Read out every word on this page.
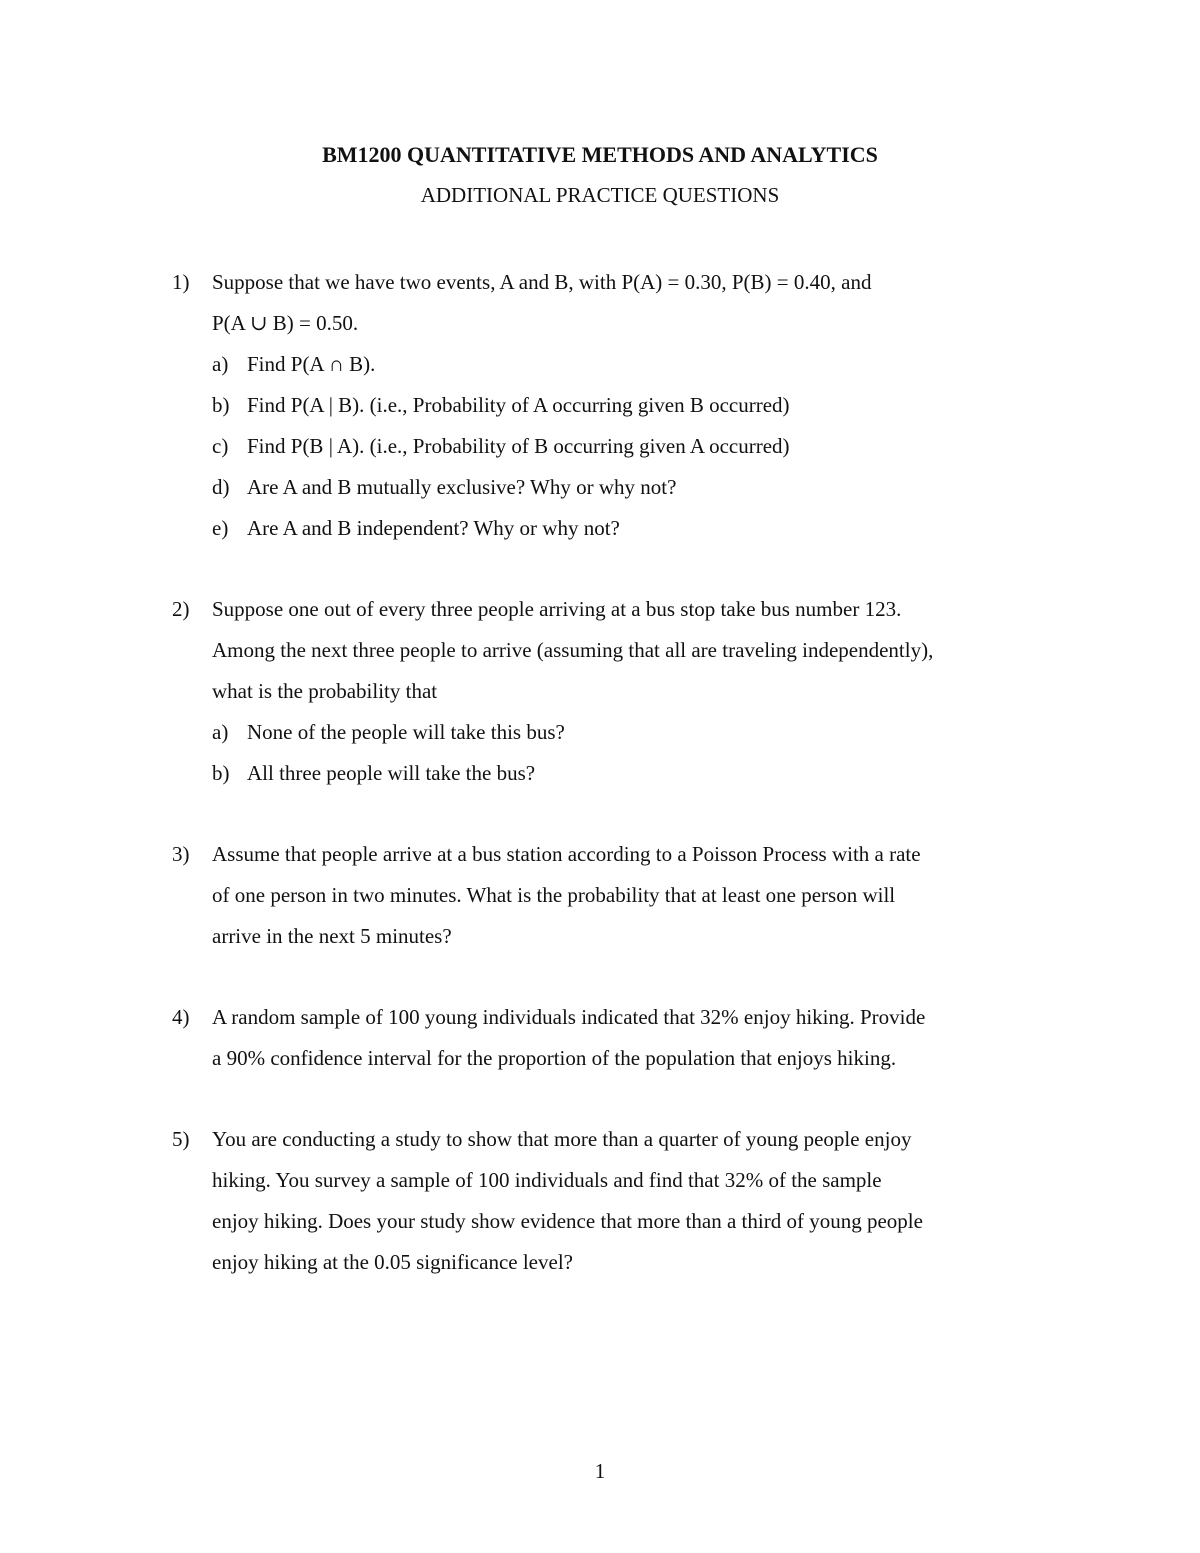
BM1200 QUANTITATIVE METHODS AND ANALYTICS
ADDITIONAL PRACTICE QUESTIONS
1)	Suppose that we have two events, A and B, with P(A) = 0.30, P(B) = 0.40, and
P(A ∪ B) = 0.50.
a) Find P(A ∩ B).
b) Find P(A | B). (i.e., Probability of A occurring given B occurred)
c) Find P(B | A). (i.e., Probability of B occurring given A occurred)
d) Are A and B mutually exclusive? Why or why not?
e) Are A and B independent? Why or why not?
2)	Suppose one out of every three people arriving at a bus stop take bus number 123.
Among the next three people to arrive (assuming that all are traveling independently),
what is the probability that
a) None of the people will take this bus?
b) All three people will take the bus?
3)	Assume that people arrive at a bus station according to a Poisson Process with a rate
of one person in two minutes. What is the probability that at least one person will
arrive in the next 5 minutes?
4)	A random sample of 100 young individuals indicated that 32% enjoy hiking. Provide
a 90% confidence interval for the proportion of the population that enjoys hiking.
5)	You are conducting a study to show that more than a quarter of young people enjoy
hiking. You survey a sample of 100 individuals and find that 32% of the sample
enjoy hiking. Does your study show evidence that more than a third of young people
enjoy hiking at the 0.05 significance level?
1
